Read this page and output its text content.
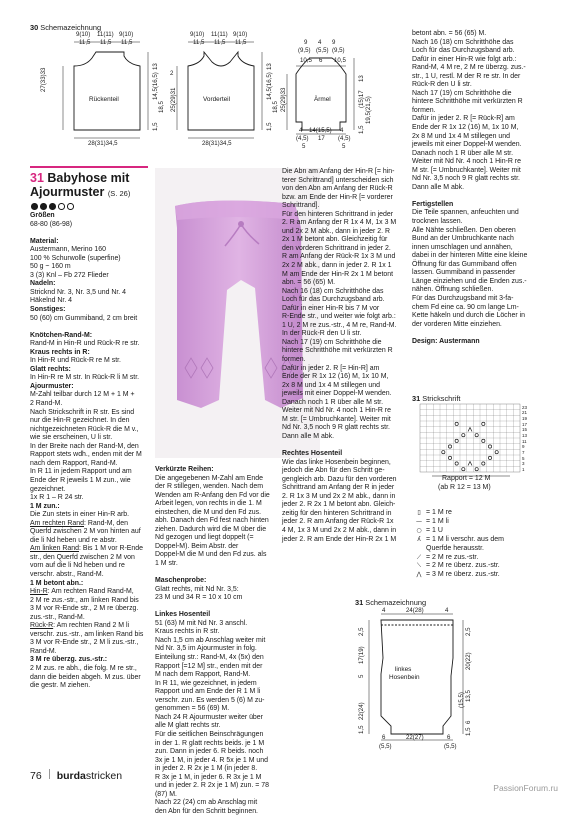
30 Schemazeichnung
9(10) 11(11) 9(10)
11,5 11,5 11,5
Rückenteil
27(33)33	14,5(16,5)
13
18,5
1,5
28(31)34,5
9(10) 11(11) 9(10)
11,5 11,5 11,5
Vorderteil
2
25(29)31
13
14,5(16,5)
18,5
1,5
28(31)34,5
9 4 9
(9,5) (5,5) (9,5)
10,5 6 10,5
Ärmel
25(29)33
13
(15)17 19,5(21,5)
1,5
4 14(15,5) 4
(4,5) 17 (4,5)
5	5
31 Babyhose mit
Ajourmuster (S. 26)

Größen

68-80 (86-98)

Material:

Austermann, Merino 160

100 % Schurwolle (superfine)

50 g ~ 160 m

3 (3) Knl – Fb 272 Flieder

Nadeln:

Stricknd Nr. 3, Nr. 3,5 und Nr. 4

Häkelnd Nr. 4

Sonstiges:

50 (60) cm Gummiband, 2 cm breit

Knötchen-Rand-M:

Rand-M in Hin-R und Rück-R re str.

Kraus rechts in R:

In Hin-R und Rück-R re M str.

Glatt rechts:

In Hin-R re M str. In Rück-R li M str.

Ajourmuster:

M-Zahl teilbar durch 12 M + 1 M +

2 Rand-M.

Nach Strickschrift in R str. Es sind

nur die Hin-R gezeichnet. In den

nichtgezeichneten Rück-R die M v.,

wie sie erscheinen, U li str.

In der Breite nach der Rand-M, den

Rapport stets wdh., enden mit der M

nach dem Rapport, Rand-M.

In R 11 in jedem Rapport und am

Ende der R jeweils 1 M zun., wie

gezeichnet.

1x R 1 – R 24 str.

1 M zun.:

Die Zun stets in einer Hin-R arb.

Am rechten Rand: Rand-M, den

Querfd zwischen 2 M von hinten auf

die li Nd heben und re abstr.

Am linken Rand: Bis 1 M vor R-Ende

str., den Querfd zwischen 2 M von

vorn auf die li Nd heben und re

verschr. abstr., Rand-M.

1 M betont abn.:

Hin-R: Am rechten Rand Rand-M,

2 M re zus.-str., am linken Rand bis

3 M vor R-Ende str., 2 M re überzg.

zus.-str., Rand-M.

Rück-R: Am rechten Rand 2 M li

verschr. zus.-str., am linken Rand bis

3 M vor R-Ende str., 2 M li zus.-str.,

Rand-M.

3 M re überzg. zus.-str.:

2 M zus. re abh., die folg. M re str.,

dann die beiden abgeh. M zus. über

die gestr. M ziehen.

Verkürzte Reihen:

Die angegebenen M-Zahl am Ende

der R stillegen, wenden. Nach dem

Wenden am R-Anfang den Fd vor die

Arbeit legen, von rechts in die 1. M

einstechen, die M und den Fd zus.

abh. Danach den Fd fest nach hinten

ziehen. Dadurch wird die M über die

Nd gezogen und liegt doppelt (=

Doppel-M). Beim Abstr. der

Doppel-M die M und den Fd zus. als

1 M str.

Maschenprobe:

Glatt rechts, mit Nd Nr. 3,5:

23 M und 34 R = 10 x 10 cm

Linkes Hosenteil

51 (63) M mit Nd Nr. 3 anschl.

Kraus rechts in R str.

Nach 1,5 cm ab Anschlag weiter mit

Nd Nr. 3,5 im Ajourmuster in folg.

Einteilung str.: Rand-M, 4x (5x) den

Rapport [=12 M] str., enden mit der

M nach dem Rapport, Rand-M.

In R 11, wie gezeichnet, in jedem

Rapport und am Ende der R 1 M li

verschr. zun. Es werden 5 (6) M zu-

genommen = 56 (69) M.

Nach 24 R Ajourmuster weiter über

alle M glatt rechts str.

Für die seitlichen Beinschrägungen

in der 1. R glatt rechts beids. je 1 M

zun. Dann in jeder 6. R beids. noch

3x je 1 M, in jeder 4. R 5x je 1 M und

in jeder 2. R 2x je 1 M (in jeder 8.

R 3x je 1 M, in jeder 6. R 3x je 1 M

und in jeder 2. R 2x je 1 M) zun. = 78

(87) M.

Nach 22 (24) cm ab Anschlag mit

den Abn für den Schritt beginnen.

Die Abn am Anfang der Hin-R [= hin-

terer Schrittrand] unterscheiden sich

von den Abn am Anfang der Rück-R

bzw. am Ende der Hin-R [= vorderer

Schrittrand].

Für den hinteren Schrittrand in jeder

2. R am Anfang der R 1x 4 M, 1x 3 M

und 2x 2 M abk., dann in jeder 2. R

2x 1 M betont abn. Gleichzeitig für

den vorderen Schrittrand in jeder 2.

R am Anfang der Rück-R 1x 3 M und

2x 2 M abk., dann in jeder 2. R 1x 1

M am Ende der Hin-R 2x 1 M betont

abn. = 56 (65) M.

Nach 16 (18) cm Schritthöhe das

Loch für das Durchzugsband arb.

Dafür in einer Hin-R bis 7 M vor

R-Ende str., und weiter wie folgt arb.:

1 U, 2 M re zus.-str., 4 M re, Rand-M.

In der Rück-R den U li str.

Nach 17 (19) cm Schritthöhe die

hintere Schritthöhe mit verkürzten R

formen.

Dafür in jeder 2. R [= Hin-R] am

Ende der R 1x 12 (16) M, 1x 10 M,

2x 8 M und 1x 4 M stillegen und

jeweils mit einer Doppel-M wenden.

Danach noch 1 R über alle M str.

Weiter mit Nd Nr. 4 noch 1 Hin-R re

M str. [= Umbruchkante]. Weiter mit

Nd Nr. 3,5 noch 9 R glatt rechts str.

Dann alle M abk.

Rechtes Hosenteil

Wie das linke Hosenbein beginnen,

jedoch die Abn für den Schritt ge-

gengleich arb. Dazu für den vorderen

Schrittrand am Anfang der R in jeder

2. R 1x 3 M und 2x 2 M abk., dann in

jeder 2. R 2x 1 M betont abn. Gleich-

zeitig für den hinteren Schrittrand in

jeder 2. R am Anfang der Rück-R 1x

4 M, 1x 3 M und 2x 2 M abk., dann in

jeder 2. R am Ende der Hin-R 2x 1 M

betont abn. = 56 (65) M.

Nach 16 (18) cm Schritthöhe das

Loch für das Durchzugsband arb.

Dafür in einer Hin-R wie folgt arb.:

Rand-M, 4 M re, 2 M re überzg. zus.-

str., 1 U, restl. M der R re str. In der

Rück-R den U li str.

Nach 17 (19) cm Schritthöhe die

hintere Schritthöhe mit verkürzten R

formen.

Dafür in jeder 2. R [= Rück-R] am

Ende der R 1x 12 (16) M, 1x 10 M,

2x 8 M und 1x 4 M stillegen und

jeweils mit einer Doppel-M wenden.

Danach noch 1 R über alle M str.

Weiter mit Nd Nr. 4 noch 1 Hin-R re

M str. [= Umbruchkante]. Weiter mit

Nd Nr. 3,5 noch 9 R glatt rechts str.

Dann alle M abk.

Fertigstellen

Die Teile spannen, anfeuchten und

trocknen lassen.

Alle Nähte schließen. Den oberen

Bund an der Umbruchkante nach

innen umschlagen und annähen,

dabei in der hinteren Mitte eine kleine

Öffnung für das Gummiband offen

lassen. Gummiband in passender

Länge einziehen und die Enden zus.-

nähen. Öffnung schließen.

Für das Durchzugsband mit 3-fa-

chem Fd eine ca. 90 cm lange Lm-

Kette häkeln und durch die Löcher in

der vorderen Mitte einziehen.

Design: Austermann

31 Strickschrift
23
21
19
17
15
13
11
9
7
5
3
1
Rapport = 12 M
(ab R 12 = 13 M)
▯ = 1 M re
— = 1 M li
○ = 1 U
ʎ = 1 M li verschr. aus dem
Querfde herausstr.
⟋ = 2 M re zus.-str.
⟍ = 2 M re überz. zus.-str.
⋀ = 3 M re überz. zus.-str.
31 Schemazeichnung
4	24(28)	4
linkes
Hosenbein
2,5
17(19)
5
22(24)
1,5
2,5
20(22)
13,5
(15,5)
6
1,5
6	22(27)	6
(5,5)	(5,5)
76 burdastricken
PassionForum.ru
